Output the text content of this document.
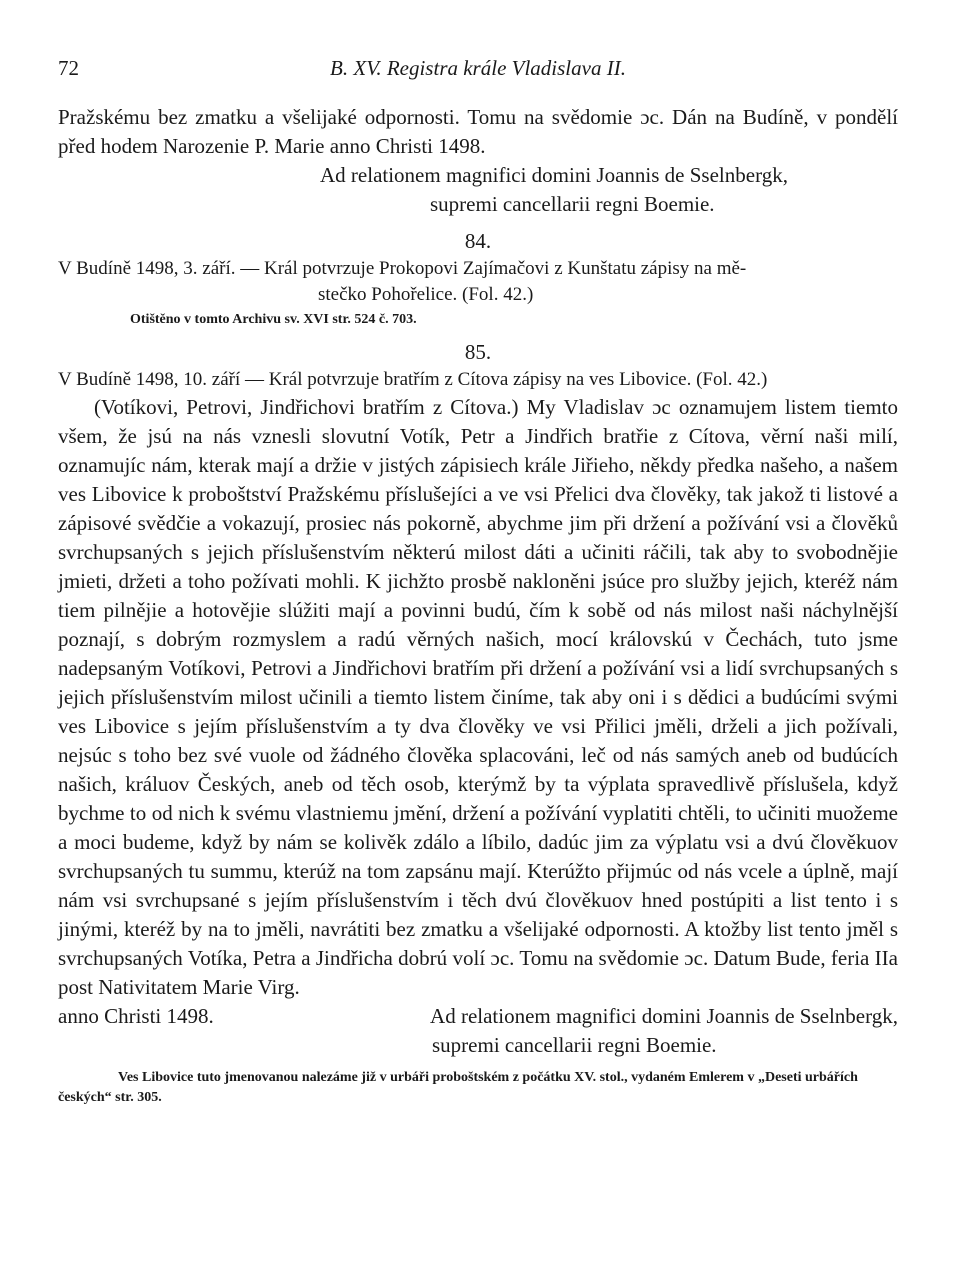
72	B. XV. Registra krále Vladislava II.

Pražskému bez zmatku a všelijaké odpornosti. Tomu na svědomie ɔc. Dán na Budíně, v pondělí před hodem Narozenie P. Marie anno Christi 1498.

Ad relationem magnifici domini Joannis de Sselnbergk,
supremi cancellarii regni Boemie.
84.

V Budíně 1498, 3. září. — Král potvrzuje Prokopovi Zajímačovi z Kunštatu zápisy na mě-

stečko Pohořelice. (Fol. 42.)

Otištěno v tomto Archivu sv. XVI str. 524 č. 703.
85.

V Budíně 1498, 10. září — Král potvrzuje bratřím z Cítova zápisy na ves Libovice. (Fol. 42.)

(Votíkovi, Petrovi, Jindřichovi bratřím z Cítova.) My Vladislav ɔc oznamujem listem tiemto všem, že jsú na nás vznesli slovutní Votík, Petr a Jindřich bratřie z Cítova, věrní naši milí, oznamujíc nám, kterak mají a držie v jistých zápisiech krále Jiřieho, někdy předka našeho, a našem ves Libovice k proboštství Pražskému příslušejíci a ve vsi Přelici dva člověky, tak jakož ti listové a zápisové svědčie a vokazují, prosiec nás pokorně, abychme jim při držení a požívání vsi a člověků svrchupsaných s jejich příslušenstvím některú milost dáti a učiniti ráčili, tak aby to svobodnějie jmieti, držeti a toho požívati mohli. K jichžto prosbě nakloněni jsúce pro služby jejich, kteréž nám tiem pilnějie a hotovějie slúžiti mají a povinni budú, čím k sobě od nás milost naši náchylnější poznají, s dobrým rozmyslem a radú věrných našich, mocí královskú v Čechách, tuto jsme nadepsaným Votíkovi, Petrovi a Jindřichovi bratřím při držení a požívání vsi a lidí svrchupsaných s jejich příslušenstvím milost učinili a tiemto listem činíme, tak aby oni i s dědici a budúcími svými ves Libovice s jejím příslušenstvím a ty dva člověky ve vsi Přilici jměli, drželi a jich požívali, nejsúc s toho bez své vuole od žádného člověka splacováni, leč od nás samých aneb od budúcích našich, králuov Českých, aneb od těch osob, kterýmž by ta výplata spravedlivě příslušela, když bychme to od nich k svému vlastniemu jmění, držení a požívání vyplatiti chtěli, to učiniti muožeme a moci budeme, když by nám se kolivěk zdálo a líbilo, dadúc jim za výplatu vsi a dvú člověkuov svrchupsaných tu summu, kterúž na tom zapsánu mají. Kterúžto přijmúc od nás vcele a úplně, mají nám vsi svrchupsané s jejím příslušenstvím i těch dvú člověkuov hned postúpiti a list tento i s jinými, kteréž by na to jměli, navrátiti bez zmatku a všelijaké odpornosti. A ktožby list tento jměl s svrchupsaných Votíka, Petra a Jindřicha dobrú volí ɔc. Tomu na svědomie ɔc. Datum Bude, feria IIa post Nativitatem Marie Virg.

anno Christi 1498.	Ad relationem magnifici domini Joannis de Sselnbergk,
supremi cancellarii regni Boemie.
Ves Libovice tuto jmenovanou nalezáme již v urbáři proboštském z počátku XV. stol., vydaném Emlerem v „Deseti urbářích českých“ str. 305.
